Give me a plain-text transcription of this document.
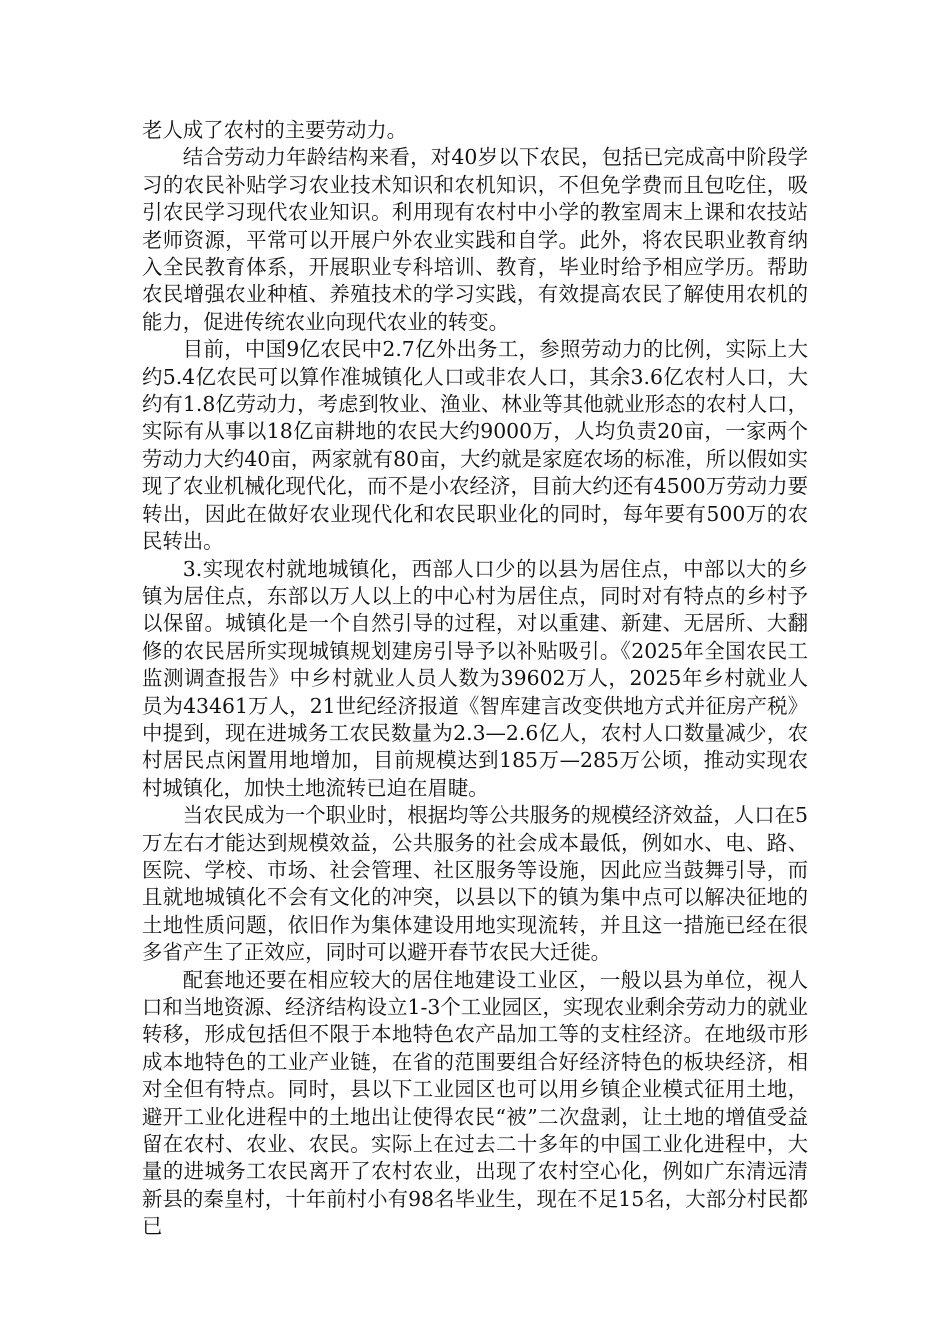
老人成了农村的主要劳动力。

结合劳动力年龄结构来看，对40岁以下农民，包括已完成高中阶段学习的农民补贴学习农业技术知识和农机知识，不但免学费而且包吃住，吸引农民学习现代农业知识。利用现有农村中小学的教室周末上课和农技站老师资源，平常可以开展户外农业实践和自学。此外，将农民职业教育纳入全民教育体系，开展职业专科培训、教育，毕业时给予相应学历。帮助农民增强农业种植、养殖技术的学习实践，有效提高农民了解使用农机的能力，促进传统农业向现代农业的转变。

目前，中国9亿农民中2.7亿外出务工，参照劳动力的比例，实际上大约5.4亿农民可以算作准城镇化人口或非农人口，其余3.6亿农村人口，大约有1.8亿劳动力，考虑到牧业、渔业、林业等其他就业形态的农村人口，实际有从事以18亿亩耕地的农民大约9000万，人均负责20亩，一家两个劳动力大约40亩，两家就有80亩，大约就是家庭农场的标准，所以假如实现了农业机械化现代化，而不是小农经济，目前大约还有4500万劳动力要转出，因此在做好农业现代化和农民职业化的同时，每年要有500万的农民转出。

3.实现农村就地城镇化，西部人口少的以县为居住点，中部以大的乡镇为居住点，东部以万人以上的中心村为居住点，同时对有特点的乡村予以保留。城镇化是一个自然引导的过程，对以重建、新建、无居所、大翻修的农民居所实现城镇规划建房引导予以补贴吸引。《2025年全国农民工监测调查报告》中乡村就业人员人数为39602万人，2025年乡村就业人员为43461万人，21世纪经济报道《智库建言改变供地方式并征房产税》中提到，现在进城务工农民数量为2.3—2.6亿人，农村人口数量减少，农村居民点闲置用地增加，目前规模达到185万—285万公顷，推动实现农村城镇化，加快土地流转已迫在眉睫。

当农民成为一个职业时，根据均等公共服务的规模经济效益，人口在5万左右才能达到规模效益，公共服务的社会成本最低，例如水、电、路、医院、学校、市场、社会管理、社区服务等设施，因此应当鼓舞引导，而且就地城镇化不会有文化的冲突，以县以下的镇为集中点可以解决征地的土地性质问题，依旧作为集体建设用地实现流转，并且这一措施已经在很多省产生了正效应，同时可以避开春节农民大迁徙。

配套地还要在相应较大的居住地建设工业区，一般以县为单位，视人口和当地资源、经济结构设立1-3个工业园区，实现农业剩余劳动力的就业转移，形成包括但不限于本地特色农产品加工等的支柱经济。在地级市形成本地特色的工业产业链，在省的范围要组合好经济特色的板块经济，相对全但有特点。同时，县以下工业园区也可以用乡镇企业模式征用土地，避开工业化进程中的土地出让使得农民“被”二次盘剥，让土地的增值受益留在农村、农业、农民。实际上在过去二十多年的中国工业化进程中，大量的进城务工农民离开了农村农业，出现了农村空心化，例如广东清远清新县的秦皇村，十年前村小有98名毕业生，现在不足15名，大部分村民都已
